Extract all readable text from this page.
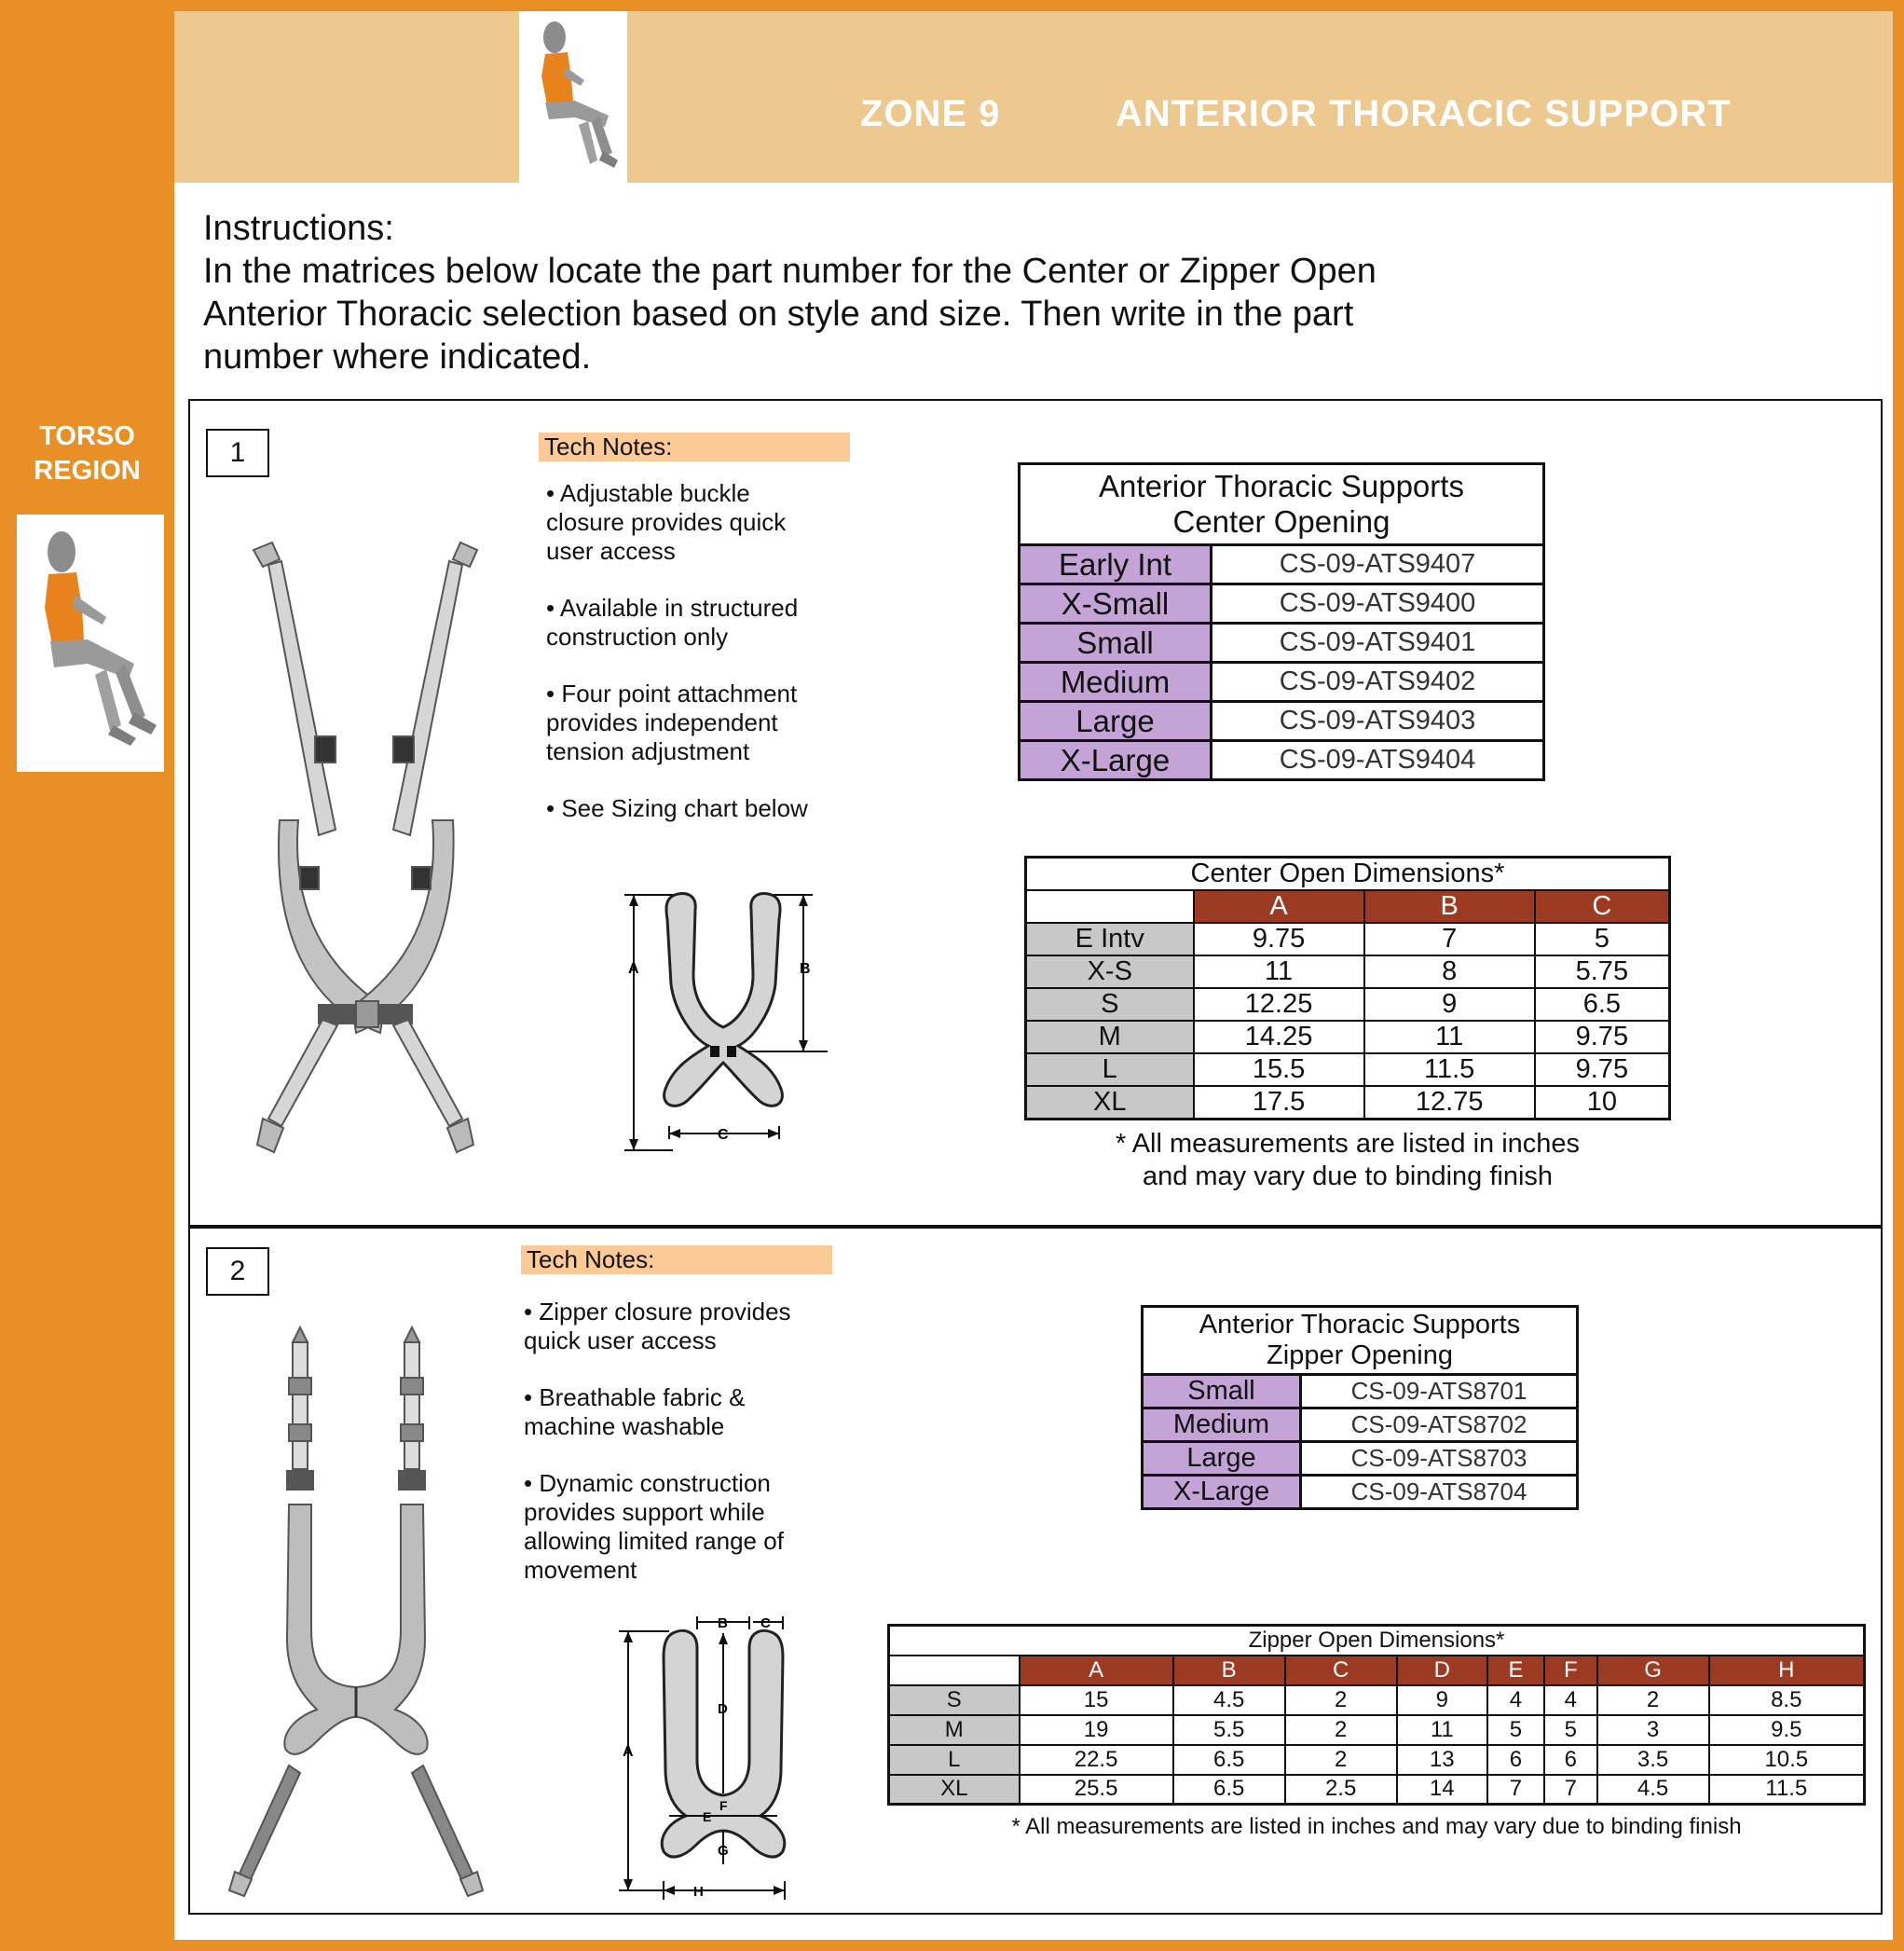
ZONE 9	ANTERIOR THORACIC SUPPORT
TORSO
REGION
Instructions:
In the matrices below locate the part number for the Center or Zipper Open
Anterior Thoracic selection based on style and size. Then write in the part
number where indicated.
1	Tech Notes:
• Adjustable buckle
closure provides quick
user access
• Available in structured
construction only
• Four point attachment
provides independent
tension adjustment
• See Sizing chart below
A	B
C
Anterior Thoracic Supports
Center Opening	

Early Int	CS-09-ATS9407
X-Small	CS-09-ATS9400
Small	CS-09-ATS9401
Medium	CS-09-ATS9402
Large	CS-09-ATS9403
X-Large	CS-09-ATS9404
Center Open Dimensions*			
	A	B	C
E Intv	9.75	7	5
X-S	11	8	5.75
S	12.25	9	6.5
M	14.25	11	9.75
L	15.5	11.5	9.75
XL	17.5	12.75	10
* All measurements are listed in inches
and may vary due to binding finish
2	Tech Notes:
• Zipper closure provides
quick user access
• Breathable fabric &
machine washable
• Dynamic construction
provides support while
allowing limited range of
movement
A
B C
D
E
F
G
H
Anterior Thoracic Supports
Zipper Opening	

Small	CS-09-ATS8701
Medium	CS-09-ATS8702
Large	CS-09-ATS8703
X-Large	CS-09-ATS8704
Zipper Open Dimensions*								
	A	B	C	D	E	F	G	H
S	15	4.5	2	9	4	4	2	8.5
M	19	5.5	2	11	5	5	3	9.5
L	22.5	6.5	2	13	6	6	3.5	10.5
XL	25.5	6.5	2.5	14	7	7	4.5	11.5
* All measurements are listed in inches and may vary due to binding finish
